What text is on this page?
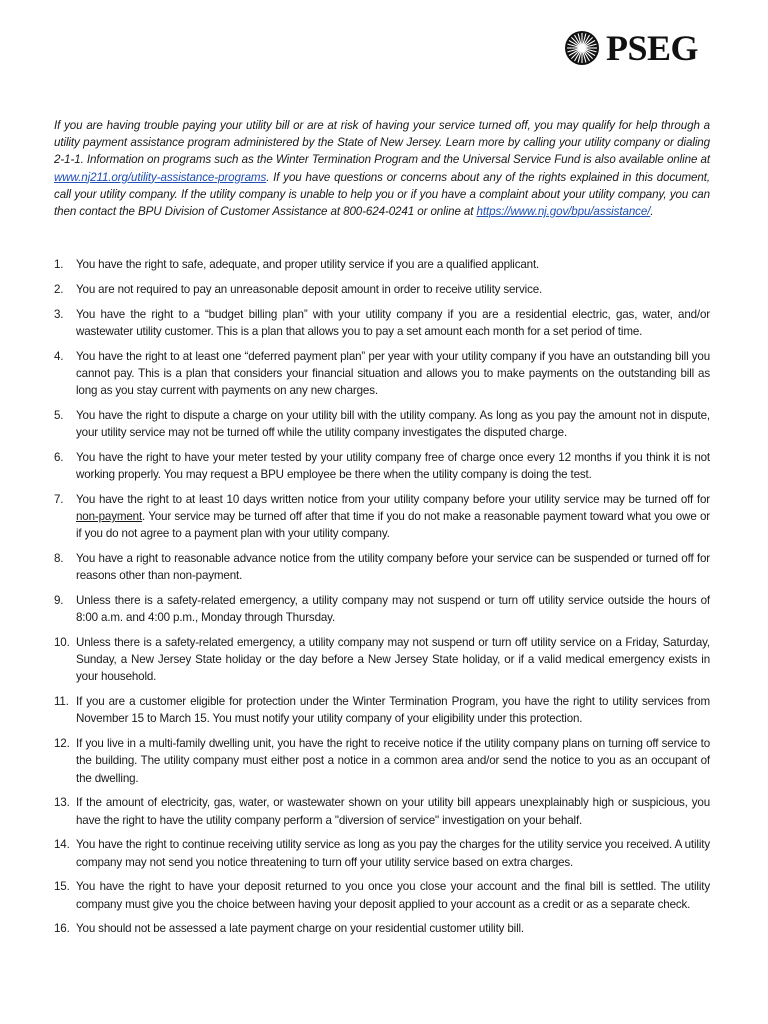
PSEG

If you are having trouble paying your utility bill or are at risk of having your service turned off, you may qualify for help through a utility payment assistance program administered by the State of New Jersey. Learn more by calling your utility company or dialing 2-1-1. Information on programs such as the Winter Termination Program and the Universal Service Fund is also available online at www.nj211.org/utility-assistance-programs. If you have questions or concerns about any of the rights explained in this document, call your utility company. If the utility company is unable to help you or if you have a complaint about your utility company, you can then contact the BPU Division of Customer Assistance at 800-624-0241 or online at https://www.nj.gov/bpu/assistance/.

1.	You have the right to safe, adequate, and proper utility service if you are a qualified applicant.
2.	You are not required to pay an unreasonable deposit amount in order to receive utility service.
3.	You have the right to a “budget billing plan” with your utility company if you are a residential electric, gas, water, and/or wastewater utility customer. This is a plan that allows you to pay a set amount each month for a set period of time.
4.	You have the right to at least one “deferred payment plan” per year with your utility company if you have an outstanding bill you cannot pay. This is a plan that considers your financial situation and allows you to make payments on the outstanding bill as long as you stay current with payments on any new charges.
5.	You have the right to dispute a charge on your utility bill with the utility company. As long as you pay the amount not in dispute, your utility service may not be turned off while the utility company investigates the disputed charge.
6.	You have the right to have your meter tested by your utility company free of charge once every 12 months if you think it is not working properly. You may request a BPU employee be there when the utility company is doing the test.
7.	You have the right to at least 10 days written notice from your utility company before your utility service may be turned off for non-payment. Your service may be turned off after that time if you do not make a reasonable payment toward what you owe or if you do not agree to a payment plan with your utility company.
8.	You have a right to reasonable advance notice from the utility company before your service can be suspended or turned off for reasons other than non-payment.
9.	Unless there is a safety-related emergency, a utility company may not suspend or turn off utility service outside the hours of 8:00 a.m. and 4:00 p.m., Monday through Thursday.
10. Unless there is a safety-related emergency, a utility company may not suspend or turn off utility service on a Friday, Saturday, Sunday, a New Jersey State holiday or the day before a New Jersey State holiday, or if a valid medical emergency exists in your household.
11. If you are a customer eligible for protection under the Winter Termination Program, you have the right to utility services from November 15 to March 15. You must notify your utility company of your eligibility under this protection.
12. If you live in a multi-family dwelling unit, you have the right to receive notice if the utility company plans on turning off service to the building. The utility company must either post a notice in a common area and/or send the notice to you as an occupant of the dwelling.
13. If the amount of electricity, gas, water, or wastewater shown on your utility bill appears unexplainably high or suspicious, you have the right to have the utility company perform a "diversion of service" investigation on your behalf.
14. You have the right to continue receiving utility service as long as you pay the charges for the utility service you received. A utility company may not send you notice threatening to turn off your utility service based on extra charges.
15. You have the right to have your deposit returned to you once you close your account and the final bill is settled. The utility company must give you the choice between having your deposit applied to your account as a credit or as a separate check.
16. You should not be assessed a late payment charge on your residential customer utility bill.
